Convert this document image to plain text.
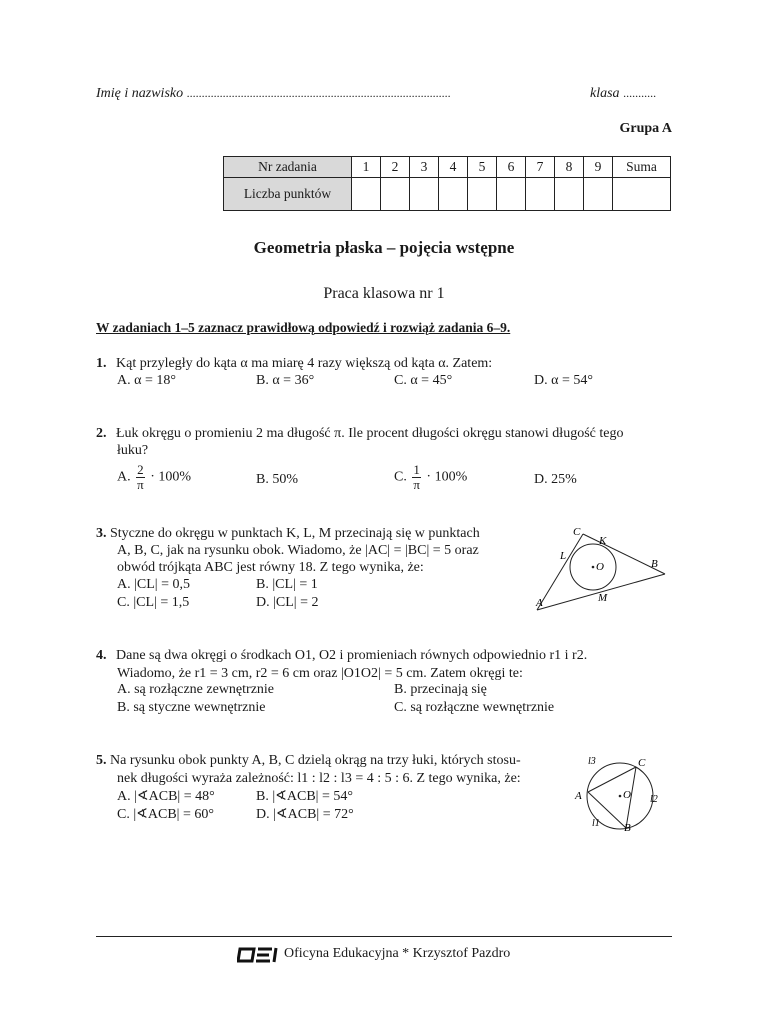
Imię i nazwisko ........................................................................................	klasa ...........
Grupa A
Nr zadania	1	2	3	4	5	6	7	8	9	Suma
Liczba punktów										
Geometria płaska – pojęcia wstępne
Praca klasowa nr 1
W zadaniach 1–5 zaznacz prawidłową odpowiedź i rozwiąż zadania 6–9.
1. Kąt przyległy do kąta α ma miarę 4 razy większą od kąta α. Zatem:
A. α = 18°	B. α = 36°	C. α = 45°	D. α = 54°
2. Łuk okręgu o promieniu 2 ma długość π. Ile procent długości okręgu stanowi długość tego
łuku?
A. $\frac{2}{\pi} \cdot 100\%$	B. 50%	C. $\frac{1}{\pi} \cdot 100\%$	D. 25%
3. Styczne do okręgu w punktach K, L, M przecinają się w punktach
A, B, C, jak na rysunku obok. Wiadomo, że |AC| = |BC| = 5 oraz
obwód trójkąta ABC jest równy 18. Z tego wynika, że:
A. |CL| = 0,5	B. |CL| = 1
C. |CL| = 1,5	D. |CL| = 2
C
K
L
O	B
A	M
4. Dane są dwa okręgi o środkach O1, O2 i promieniach równych odpowiednio r1 i r2.
Wiadomo, że r1 = 3 cm, r2 = 6 cm oraz |O1O2| = 5 cm. Zatem okręgi te:
A. są rozłączne zewnętrznie	B. przecinają się
B. są styczne wewnętrznie	C. są rozłączne wewnętrznie
5. Na rysunku obok punkty A, B, C dzielą okrąg na trzy łuki, których stosu-
nek długości wyraża zależność: l1 : l2 : l3 = 4 : 5 : 6. Z tego wynika, że:
A. |∢ACB| = 48°	B. |∢ACB| = 54°
C. |∢ACB| = 60°	D. |∢ACB| = 72°
l3	C
A	O l2
l1 B
Oficyna Edukacyjna * Krzysztof Pazdro
